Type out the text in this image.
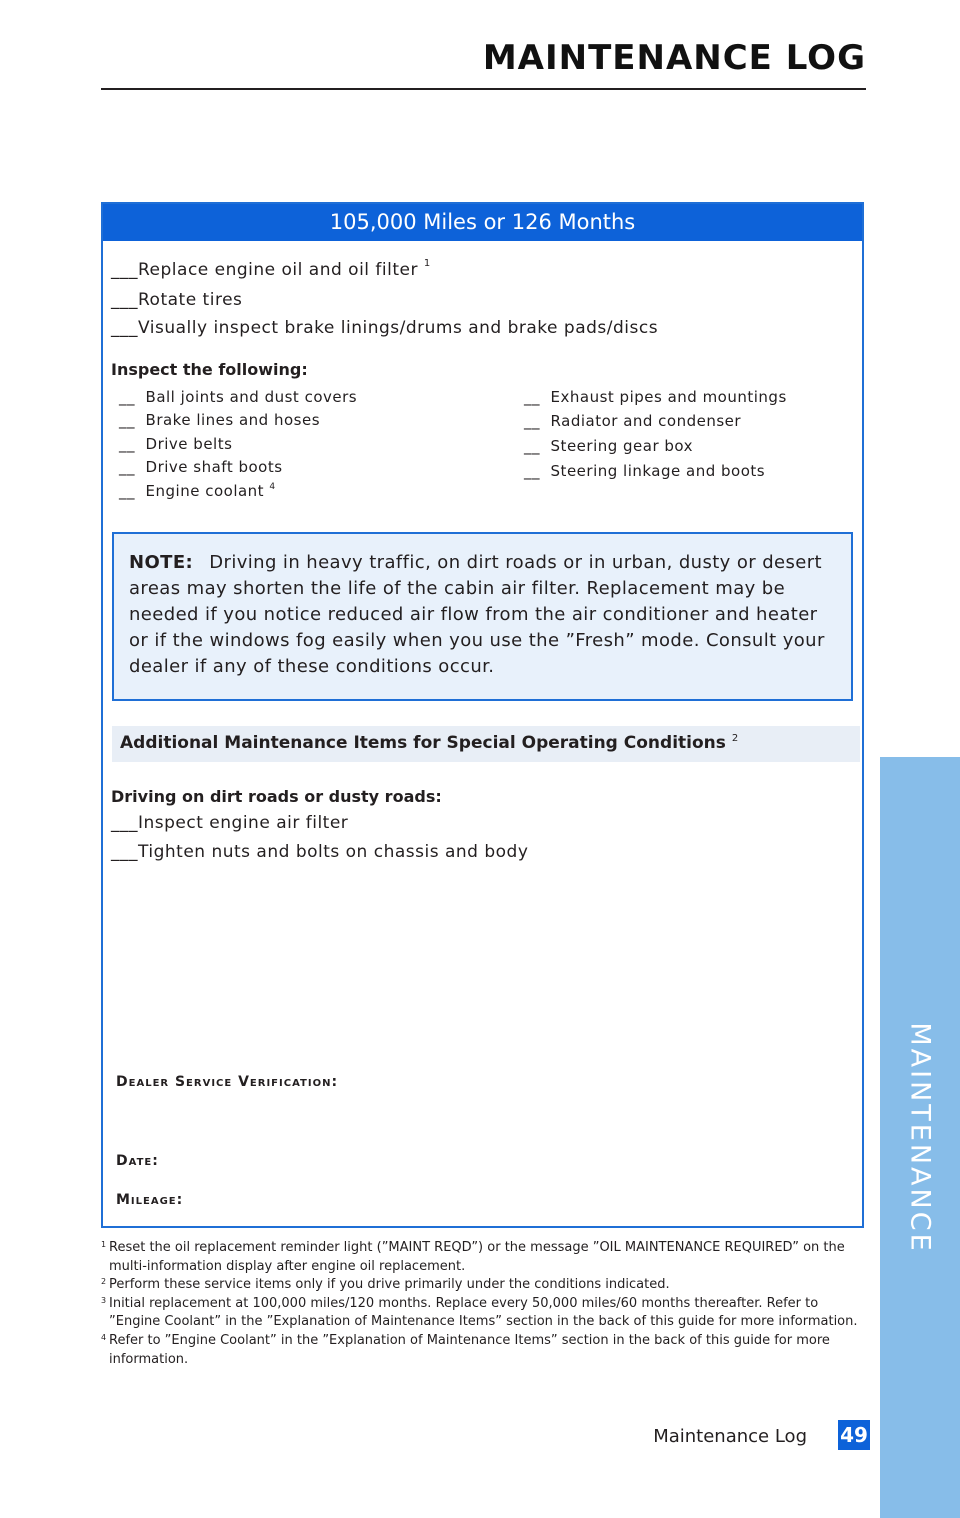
MAINTENANCE LOG
105,000 Miles or 126 Months
___Replace engine oil and oil filter $^1$
___Rotate tires
___Visually inspect brake linings/drums and brake pads/discs
Inspect the following:
__  Ball joints and dust covers
__  Brake lines and hoses
__  Drive belts
__  Drive shaft boots
__  Engine coolant $^4$
__  Exhaust pipes and mountings
__  Radiator and condenser
__  Steering gear box
__  Steering linkage and boots
NOTE: Driving in heavy traffic, on dirt roads or in urban, dusty or desert areas may shorten the life of the cabin air filter. Replacement may be needed if you notice reduced air flow from the air conditioner and heater or if the windows fog easily when you use the ”Fresh” mode. Consult your dealer if any of these conditions occur.
Additional Maintenance Items for Special Operating Conditions $^2$
Driving on dirt roads or dusty roads:
___Inspect engine air filter
___Tighten nuts and bolts on chassis and body
Dealer Service Verification:
Date:
Mileage:
1 Reset the oil replacement reminder light (”MAINT REQD”) or the message ”OIL MAINTENANCE REQUIRED” on the multi-information display after engine oil replacement.
2 Perform these service items only if you drive primarily under the conditions indicated.
3 Initial replacement at 100,000 miles/120 months. Replace every 50,000 miles/60 months thereafter. Refer to ”Engine Coolant” in the ”Explanation of Maintenance Items” section in the back of this guide for more information.
4 Refer to ”Engine Coolant” in the ”Explanation of Maintenance Items” section in the back of this guide for more information.
Maintenance Log 49
MAINTENANCE
